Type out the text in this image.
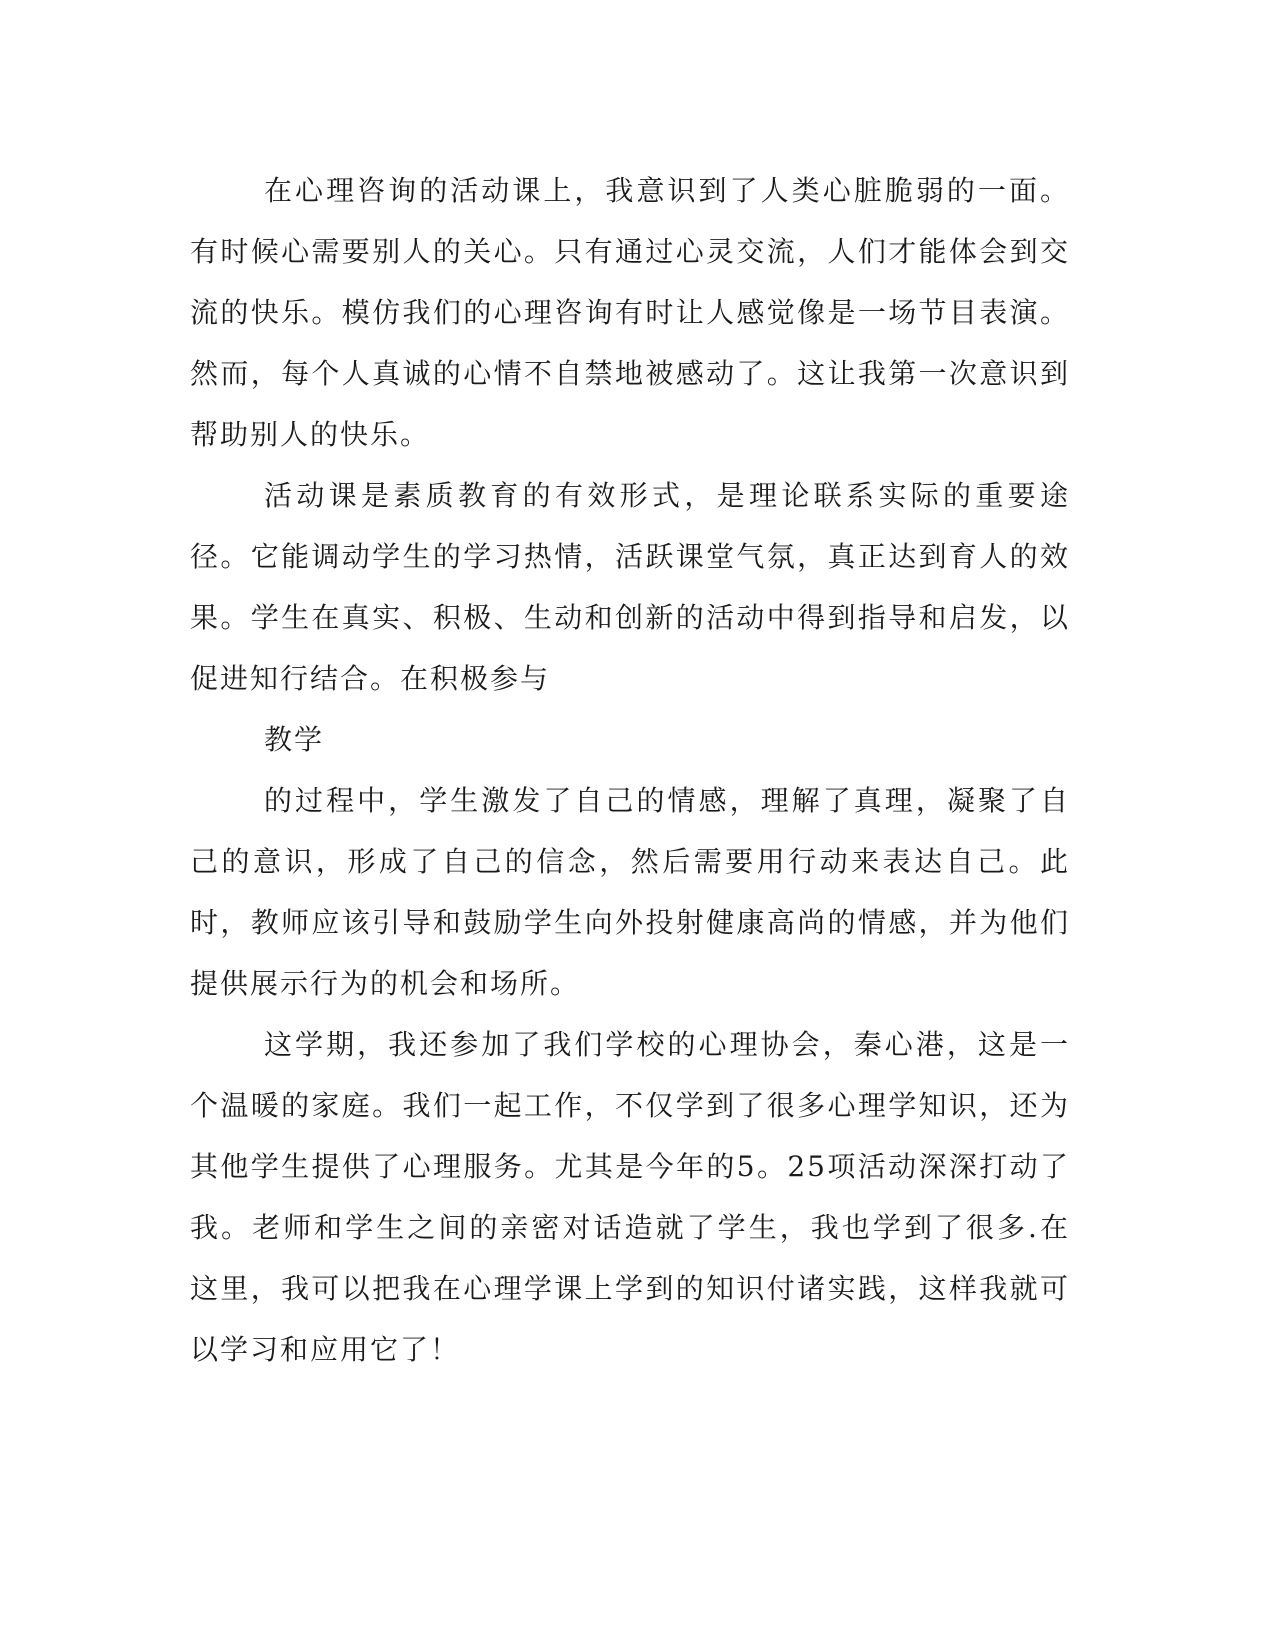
在心理咨询的活动课上，我意识到了人类心脏脆弱的一面。有时候心需要别人的关心。只有通过心灵交流，人们才能体会到交流的快乐。模仿我们的心理咨询有时让人感觉像是一场节目表演。然而，每个人真诚的心情不自禁地被感动了。这让我第一次意识到帮助别人的快乐。

活动课是素质教育的有效形式，是理论联系实际的重要途径。它能调动学生的学习热情，活跃课堂气氛，真正达到育人的效果。学生在真实、积极、生动和创新的活动中得到指导和启发，以促进知行结合。在积极参与

教学

的过程中，学生激发了自己的情感，理解了真理，凝聚了自己的意识，形成了自己的信念，然后需要用行动来表达自己。此时，教师应该引导和鼓励学生向外投射健康高尚的情感，并为他们提供展示行为的机会和场所。

这学期，我还参加了我们学校的心理协会，秦心港，这是一个温暖的家庭。我们一起工作，不仅学到了很多心理学知识，还为其他学生提供了心理服务。尤其是今年的5。25项活动深深打动了我。老师和学生之间的亲密对话造就了学生，我也学到了很多.在这里，我可以把我在心理学课上学到的知识付诸实践，这样我就可以学习和应用它了！
